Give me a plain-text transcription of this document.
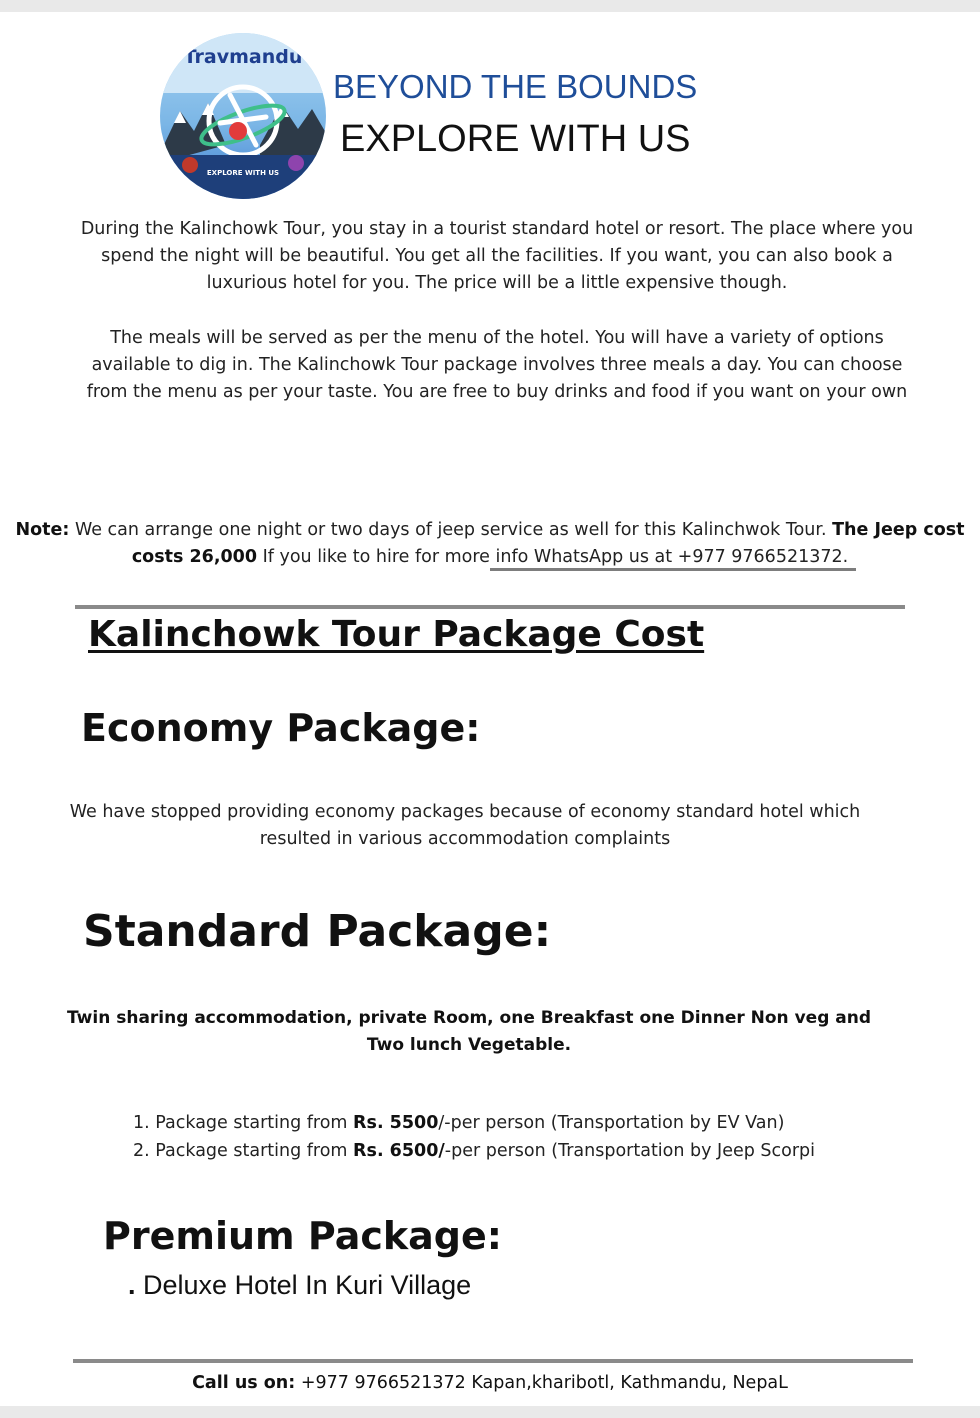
Travmandu
EXPLORE WITH US
BEYOND THE BOUNDS
EXPLORE WITH US
During the Kalinchowk Tour, you stay in a tourist standard hotel or resort. The place where you spend the night will be beautiful. You get all the facilities. If you want, you can also book a luxurious hotel for you. The price will be a little expensive though.
The meals will be served as per the menu of the hotel. You will have a variety of options available to dig in. The Kalinchowk Tour package involves three meals a day. You can choose from the menu as per your taste. You are free to buy drinks and food if you want on your own
Note: We can arrange one night or two days of jeep service as well for this Kalinchwok Tour. The Jeep cost costs 26,000 If you like to hire for more info WhatsApp us at +977 9766521372.
Kalinchowk Tour Package Cost
Economy Package:
We have stopped providing economy packages because of economy standard hotel which resulted in various accommodation complaints
Standard Package:
Twin sharing accommodation, private Room, one Breakfast one Dinner Non veg and Two lunch Vegetable.
1. Package starting from Rs. 5500/-per person (Transportation by EV Van)
2. Package starting from Rs. 6500/-per person (Transportation by Jeep Scorpi
Premium Package:
. Deluxe Hotel In Kuri Village
Call us on: +977 9766521372 Kapan,kharibotl, Kathmandu, NepaL
